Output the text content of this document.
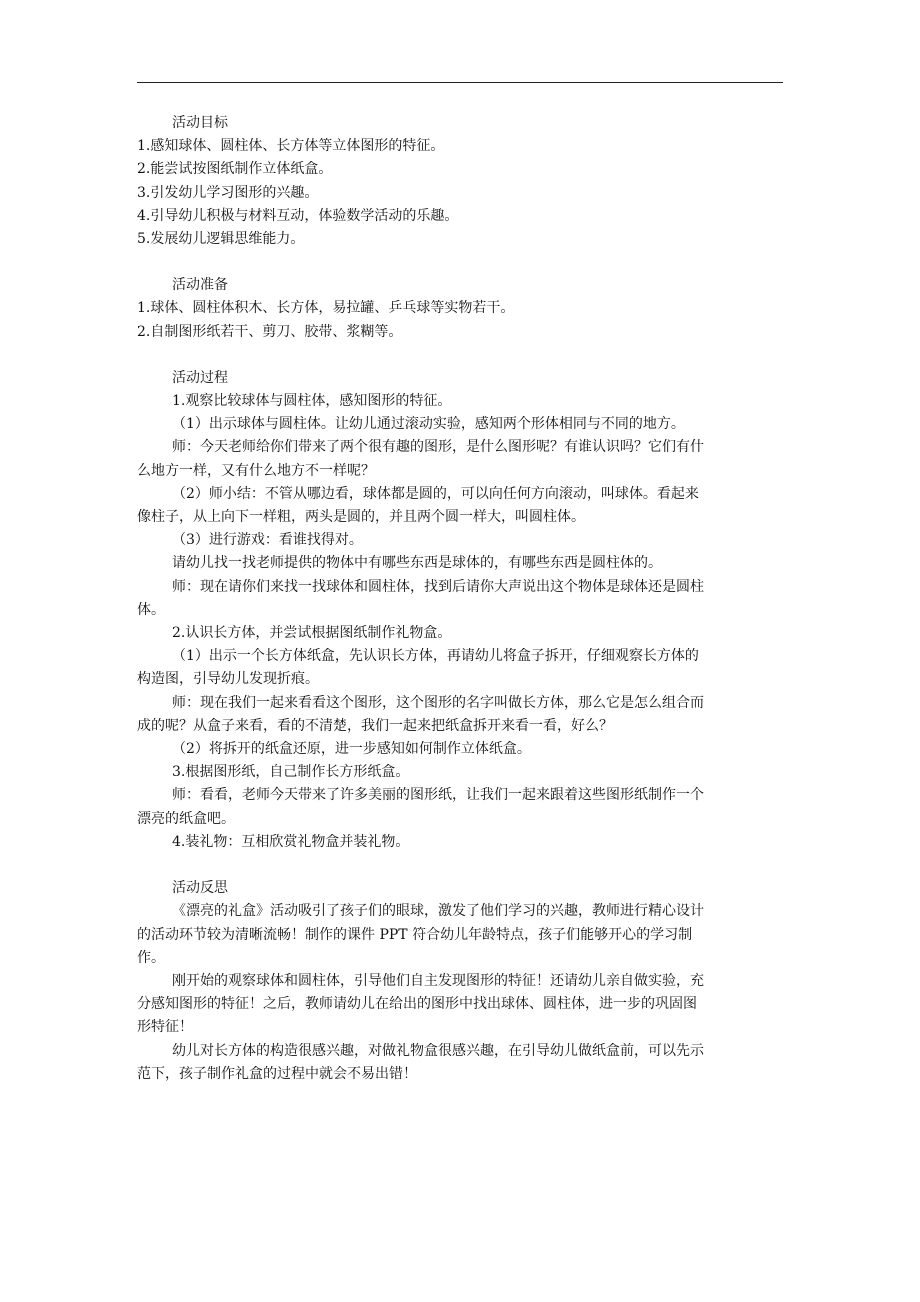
活动目标

1.感知球体、圆柱体、长方体等立体图形的特征。

2.能尝试按图纸制作立体纸盒。

3.引发幼儿学习图形的兴趣。

4.引导幼儿积极与材料互动，体验数学活动的乐趣。

5.发展幼儿逻辑思维能力。

活动准备

1.球体、圆柱体积木、长方体，易拉罐、乒乓球等实物若干。

2.自制图形纸若干、剪刀、胶带、浆糊等。

活动过程

1.观察比较球体与圆柱体，感知图形的特征。

（1）出示球体与圆柱体。让幼儿通过滚动实验，感知两个形体相同与不同的地方。

师：今天老师给你们带来了两个很有趣的图形，是什么图形呢？有谁认识吗？它们有什

么地方一样，又有什么地方不一样呢？

（2）师小结：不管从哪边看，球体都是圆的，可以向任何方向滚动，叫球体。看起来

像柱子，从上向下一样粗，两头是圆的，并且两个圆一样大，叫圆柱体。

（3）进行游戏：看谁找得对。

请幼儿找一找老师提供的物体中有哪些东西是球体的，有哪些东西是圆柱体的。

师：现在请你们来找一找球体和圆柱体，找到后请你大声说出这个物体是球体还是圆柱

体。

2.认识长方体，并尝试根据图纸制作礼物盒。

（1）出示一个长方体纸盒，先认识长方体，再请幼儿将盒子拆开，仔细观察长方体的

构造图，引导幼儿发现折痕。

师：现在我们一起来看看这个图形，这个图形的名字叫做长方体，那么它是怎么组合而

成的呢？从盒子来看，看的不清楚，我们一起来把纸盒拆开来看一看，好么？

（2）将拆开的纸盒还原，进一步感知如何制作立体纸盒。

3.根据图形纸，自己制作长方形纸盒。

师：看看，老师今天带来了许多美丽的图形纸，让我们一起来跟着这些图形纸制作一个

漂亮的纸盒吧。

4.装礼物：互相欣赏礼物盒并装礼物。

活动反思

《漂亮的礼盒》活动吸引了孩子们的眼球，激发了他们学习的兴趣，教师进行精心设计

的活动环节较为清晰流畅！制作的课件 PPT 符合幼儿年龄特点，孩子们能够开心的学习制

作。

刚开始的观察球体和圆柱体，引导他们自主发现图形的特征！还请幼儿亲自做实验，充

分感知图形的特征！之后，教师请幼儿在给出的图形中找出球体、圆柱体，进一步的巩固图

形特征！

幼儿对长方体的构造很感兴趣，对做礼物盒很感兴趣，在引导幼儿做纸盒前，可以先示

范下，孩子制作礼盒的过程中就会不易出错！
